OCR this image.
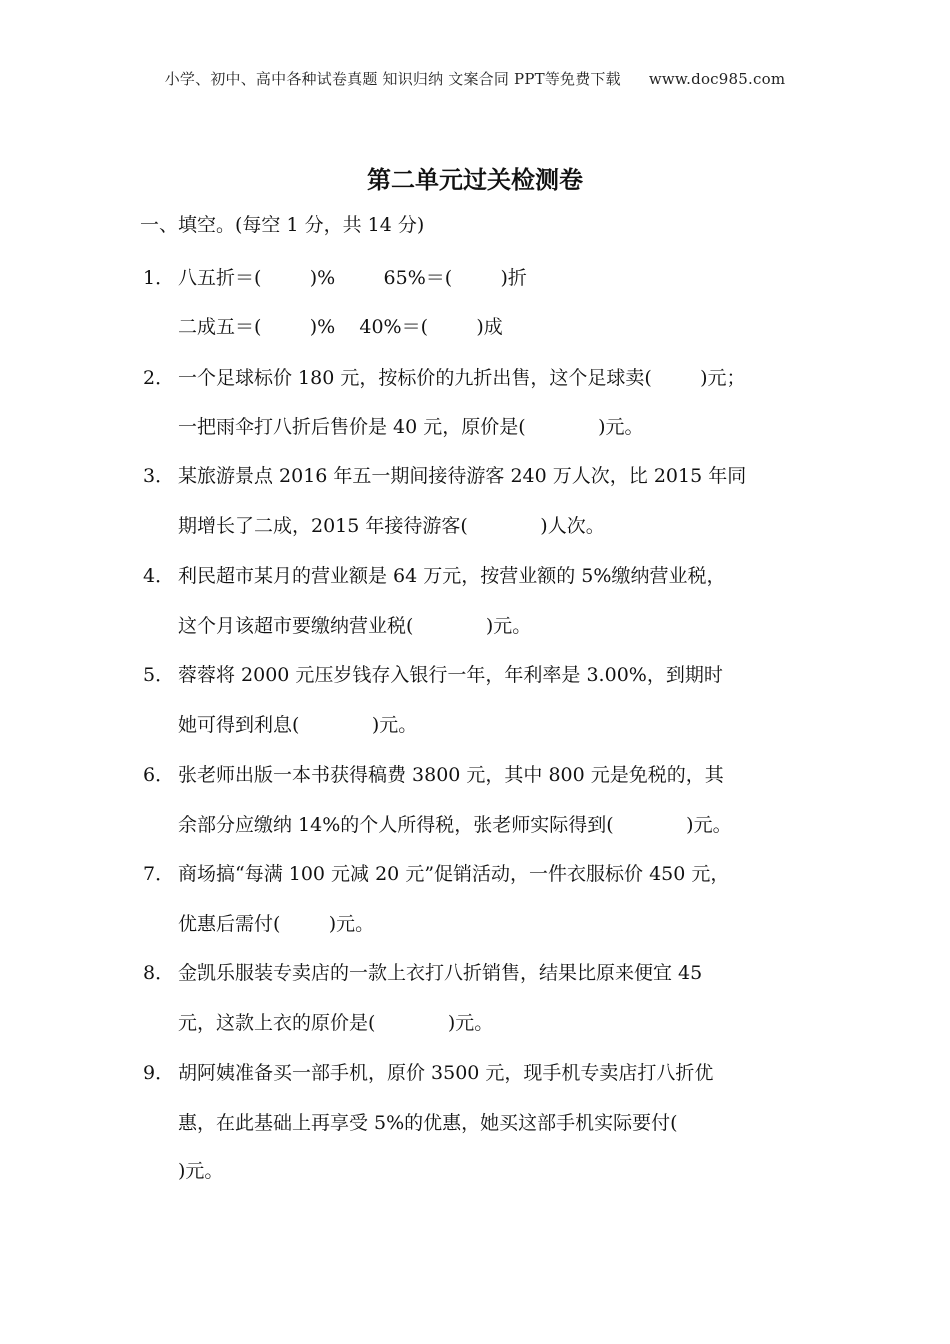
小学、初中、高中各种试卷真题 知识归纳 文案合同 PPT等免费下载 www.doc985.com
第二单元过关检测卷
一、填空。(每空 1 分，共 14 分)
1． 八五折＝(        )%        65%＝(        )折
二成五＝(        )%    40%＝(        )成
2． 一个足球标价 180 元，按标价的九折出售，这个足球卖(        )元；
一把雨伞打八折后售价是 40 元，原价是(            )元。
3． 某旅游景点 2016 年五一期间接待游客 240 万人次，比 2015 年同
期增长了二成，2015 年接待游客(            )人次。
4． 利民超市某月的营业额是 64 万元，按营业额的 5%缴纳营业税，
这个月该超市要缴纳营业税(            )元。
5． 蓉蓉将 2000 元压岁钱存入银行一年，年利率是 3.00%，到期时
她可得到利息(            )元。
6． 张老师出版一本书获得稿费 3800 元，其中 800 元是免税的，其
余部分应缴纳 14%的个人所得税，张老师实际得到(            )元。
7． 商场搞“每满 100 元减 20 元”促销活动，一件衣服标价 450 元，
优惠后需付(        )元。
8． 金凯乐服装专卖店的一款上衣打八折销售，结果比原来便宜 45
元，这款上衣的原价是(            )元。
9． 胡阿姨准备买一部手机，原价 3500 元，现手机专卖店打八折优
惠，在此基础上再享受 5%的优惠，她买这部手机实际要付(
)元。
